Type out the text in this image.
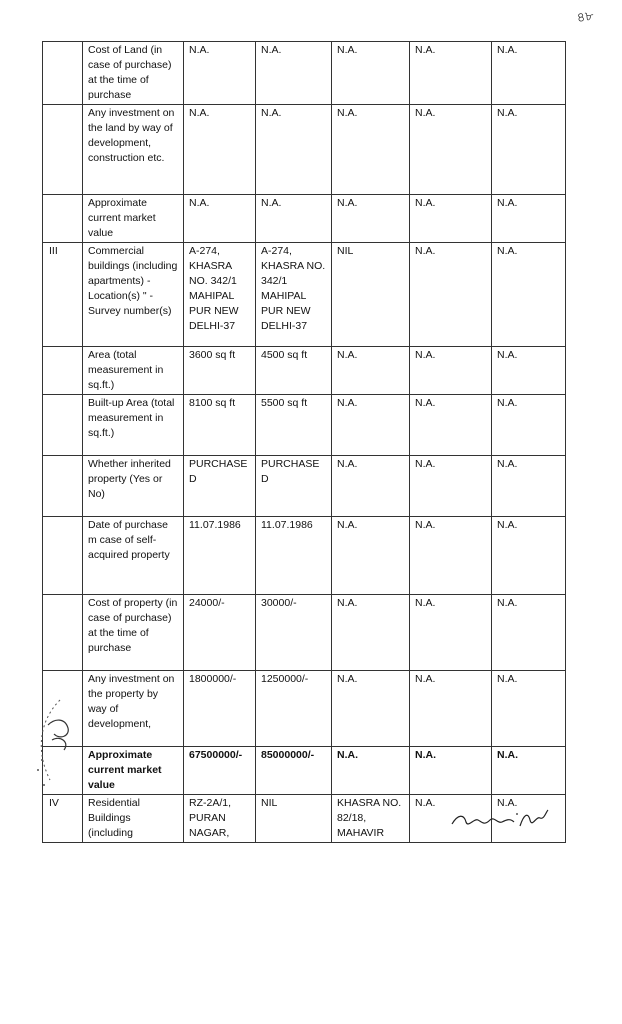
৪৮
	Cost of Land (in case of purchase) at the time of purchase	N.A.	N.A.	N.A.	N.A.	N.A.
	Any investment on the land by way of development, construction etc.	N.A.	N.A.	N.A.	N.A.	N.A.
	Approximate current market value	N.A.	N.A.	N.A.	N.A.	N.A.
III	Commercial buildings (including apartments) -Location(s) " -Survey number(s)	A-274, KHASRA NO. 342/1 MAHIPAL PUR NEW DELHI-37	A-274, KHASRA NO. 342/1 MAHIPAL PUR NEW DELHI-37	NIL	N.A.	N.A.
	Area (total measurement in sq.ft.)	3600 sq ft	4500 sq ft	N.A.	N.A.	N.A.
	Built-up Area (total measurement in sq.ft.)	8100 sq ft	5500 sq ft	N.A.	N.A.	N.A.
	Whether inherited property (Yes or No)	PURCHASED	PURCHASED	N.A.	N.A.	N.A.
	Date of purchase m case of self-acquired property	11.07.1986	11.07.1986	N.A.	N.A.	N.A.
	Cost of property (in case of purchase) at the time of purchase	24000/-	30000/-	N.A.	N.A.	N.A.
	Any investment on the property by way of development,	1800000/-	1250000/-	N.A.	N.A.	N.A.
	Approximate current market value	67500000/-	85000000/-	N.A.	N.A.	N.A.
IV	Residential Buildings (including	RZ-2A/1, PURAN NAGAR,	NIL	KHASRA NO. 82/18, MAHAVIR	N.A.	N.A.
